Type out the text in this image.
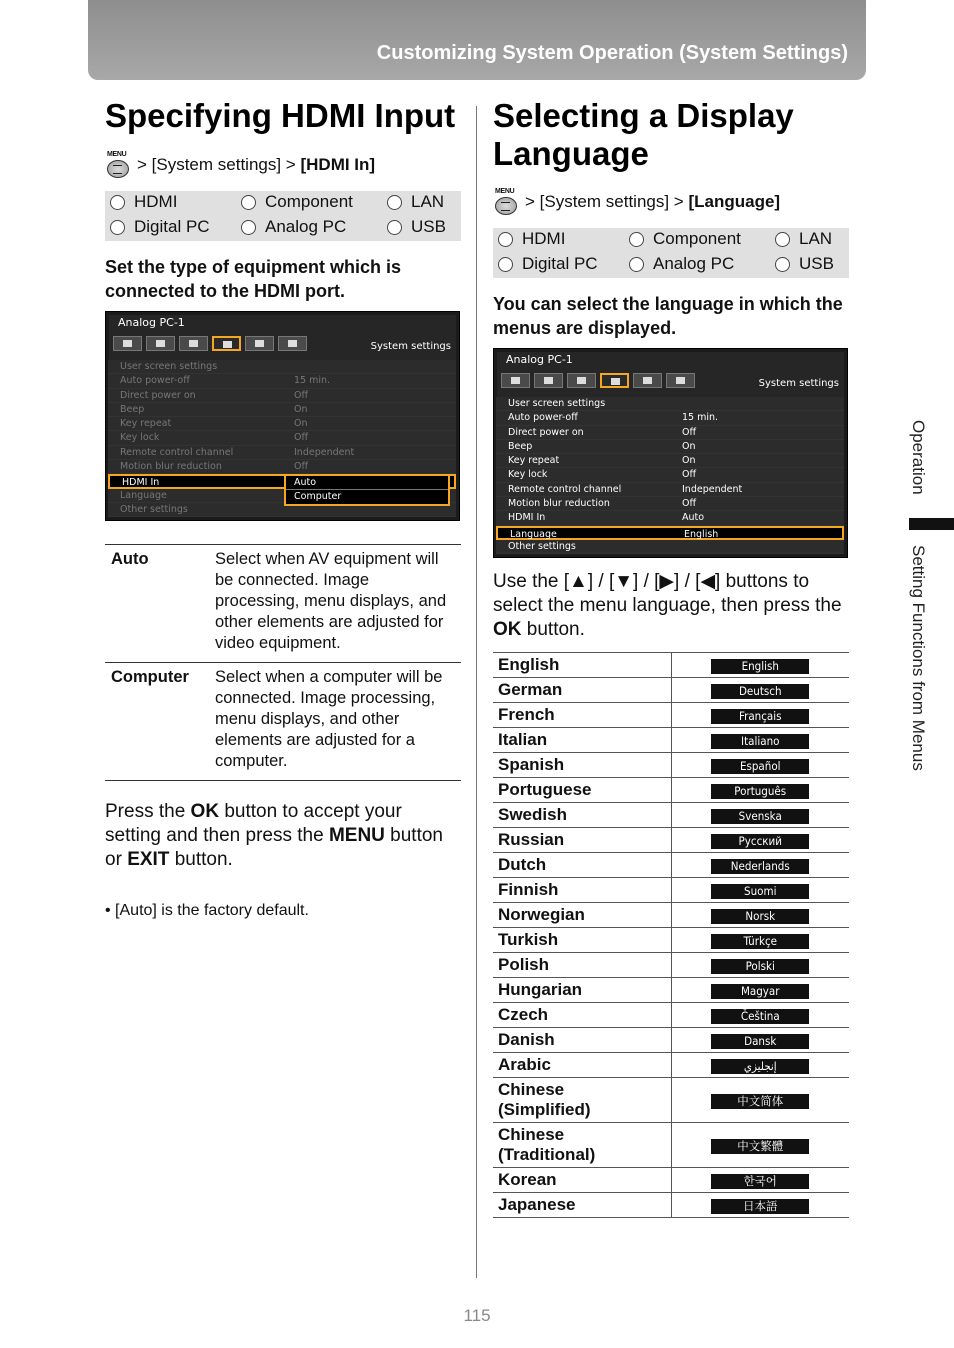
Customizing System Operation (System Settings)
Specifying HDMI Input
MENU
> [System settings] >
[HDMI In]
HDMI	Component	LAN
Digital PC	Analog PC	USB
Set the type of equipment which is connected to the HDMI port.
Analog PC-1
System settings
User screen settings
Auto power-off	15 min.
Direct power on	Off
Beep	On
Key repeat	On
Key lock	Off
Remote control channel	Independent
Motion blur reduction	Off
HDMI In
Language
Other settings
Auto
Computer
Auto	Select when AV equipment will be connected. Image processing, menu displays, and other elements are adjusted for video equipment.
Computer	Select when a computer will be connected. Image processing, menu displays, and other elements are adjusted for a computer.
Press the OK button to accept your setting and then press the MENU button or EXIT button.
• [Auto] is the factory default.
Selecting a Display
Language
MENU
> [System settings] >
[Language]
HDMI	Component	LAN
Digital PC	Analog PC	USB
You can select the language in which the menus are displayed.
Analog PC-1
System settings
User screen settings
Auto power-off	15 min.
Direct power on	Off
Beep	On
Key repeat	On
Key lock	Off
Remote control channel	Independent
Motion blur reduction	Off
HDMI In	Auto
Language	English
Other settings
Use the [▲] / [▼] / [▶] / [◀] buttons to select the menu language, then press the OK button.
English	English
German	Deutsch
French	Français
Italian	Italiano
Spanish	Español
Portuguese	Português
Swedish	Svenska
Russian	Русский
Dutch	Nederlands
Finnish	Suomi
Norwegian	Norsk
Turkish	Türkçe
Polish	Polski
Hungarian	Magyar
Czech	Čeština
Danish	Dansk
Arabic	إنجليزي
Chinese
(Simplified)	中文简体
Chinese
(Traditional)	中文繁體
Korean	한국어
Japanese	日本語
Operation
Setting Functions from Menus
115
